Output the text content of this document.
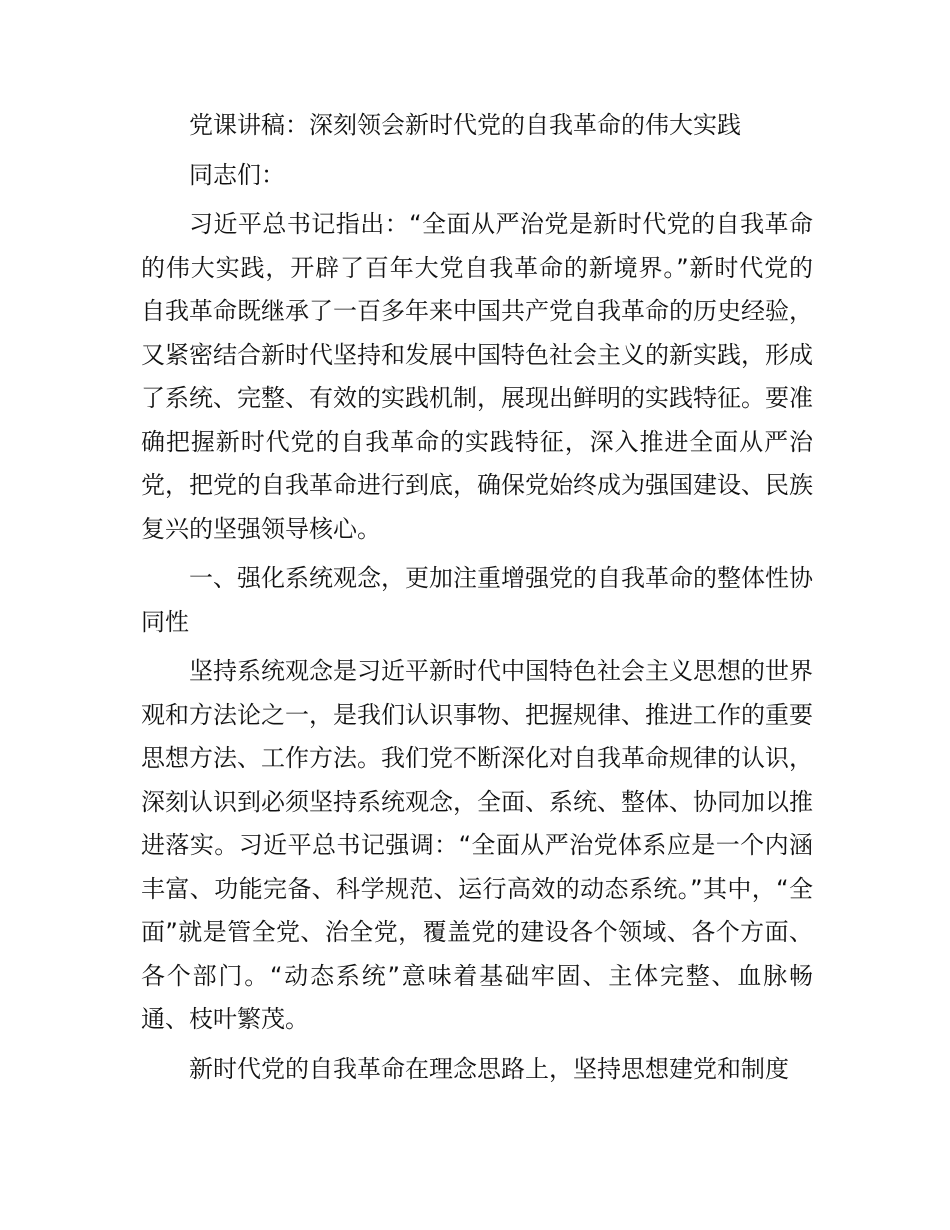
党课讲稿：深刻领会新时代党的自我革命的伟大实践

同志们：

习近平总书记指出：“全面从严治党是新时代党的自我革命的伟大实践，开辟了百年大党自我革命的新境界。”新时代党的自我革命既继承了一百多年来中国共产党自我革命的历史经验，又紧密结合新时代坚持和发展中国特色社会主义的新实践，形成了系统、完整、有效的实践机制，展现出鲜明的实践特征。要准确把握新时代党的自我革命的实践特征，深入推进全面从严治党，把党的自我革命进行到底，确保党始终成为强国建设、民族复兴的坚强领导核心。

一、强化系统观念，更加注重增强党的自我革命的整体性协同性

坚持系统观念是习近平新时代中国特色社会主义思想的世界观和方法论之一，是我们认识事物、把握规律、推进工作的重要思想方法、工作方法。我们党不断深化对自我革命规律的认识，深刻认识到必须坚持系统观念，全面、系统、整体、协同加以推进落实。习近平总书记强调：“全面从严治党体系应是一个内涵丰富、功能完备、科学规范、运行高效的动态系统。”其中，“全面”就是管全党、治全党，覆盖党的建设各个领域、各个方面、各个部门。“动态系统”意味着基础牢固、主体完整、血脉畅通、枝叶繁茂。

新时代党的自我革命在理念思路上，坚持思想建党和制度
